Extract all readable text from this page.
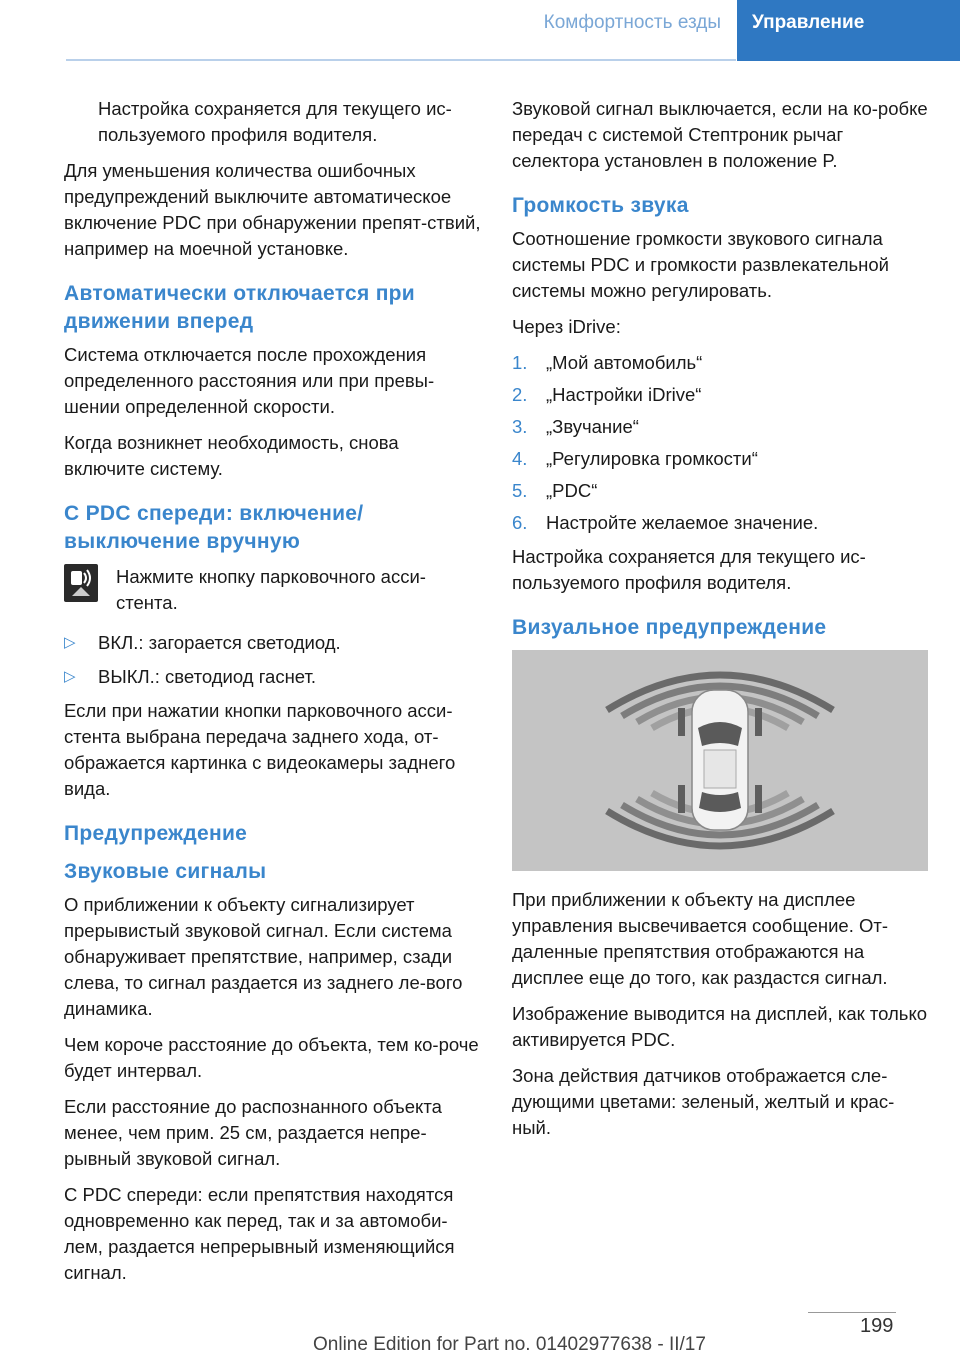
Комфортность езды	Управление

Настройка сохраняется для текущего ис-пользуемого профиля водителя.

Для уменьшения количества ошибочных предупреждений выключите автоматическое включение PDC при обнаружении препят-ствий, например на моечной установке.

Автоматически отключается при движении вперед

Система отключается после прохождения определенного расстояния или при превы-шении определенной скорости.

Когда возникнет необходимость, снова включите систему.

С PDC спереди: включение/выключение вручную
Нажмите кнопку парковочного асси-стента.
▷	ВКЛ.: загорается светодиод.
▷	ВЫКЛ.: светодиод гаснет.

Если при нажатии кнопки парковочного асси-стента выбрана передача заднего хода, от-ображается картинка с видеокамеры заднего вида.

Предупреждение
Звуковые сигналы

О приближении к объекту сигнализирует прерывистый звуковой сигнал. Если система обнаруживает препятствие, например, сзади слева, то сигнал раздается из заднего ле-вого динамика.

Чем короче расстояние до объекта, тем ко-роче будет интервал.

Если расстояние до распознанного объекта менее, чем прим. 25 см, раздается непре-рывный звуковой сигнал.

С PDC спереди: если препятствия находятся одновременно как перед, так и за автомоби-лем, раздается непрерывный изменяющийся сигнал.

Звуковой сигнал выключается, если на ко-робке передач с системой Стептроник рычаг селектора установлен в положение P.

Громкость звука

Соотношение громкости звукового сигнала системы PDC и громкости развлекательной системы можно регулировать.

Через iDrive:

1.	„Мой автомобиль“
2.	„Настройки iDrive“
3.	„Звучание“
4.	„Регулировка громкости“
5.	„PDC“
6.	Настройте желаемое значение.

Настройка сохраняется для текущего ис-пользуемого профиля водителя.

Визуальное предупреждение

При приближении к объекту на дисплее управления высвечивается сообщение. От-даленные препятствия отображаются на дисплее еще до того, как раздастся сигнал.

Изображение выводится на дисплей, как только активируется PDC.

Зона действия датчиков отображается сле-дующими цветами: зеленый, желтый и крас-ный.

199
Online Edition for Part no. 01402977638 - II/17
